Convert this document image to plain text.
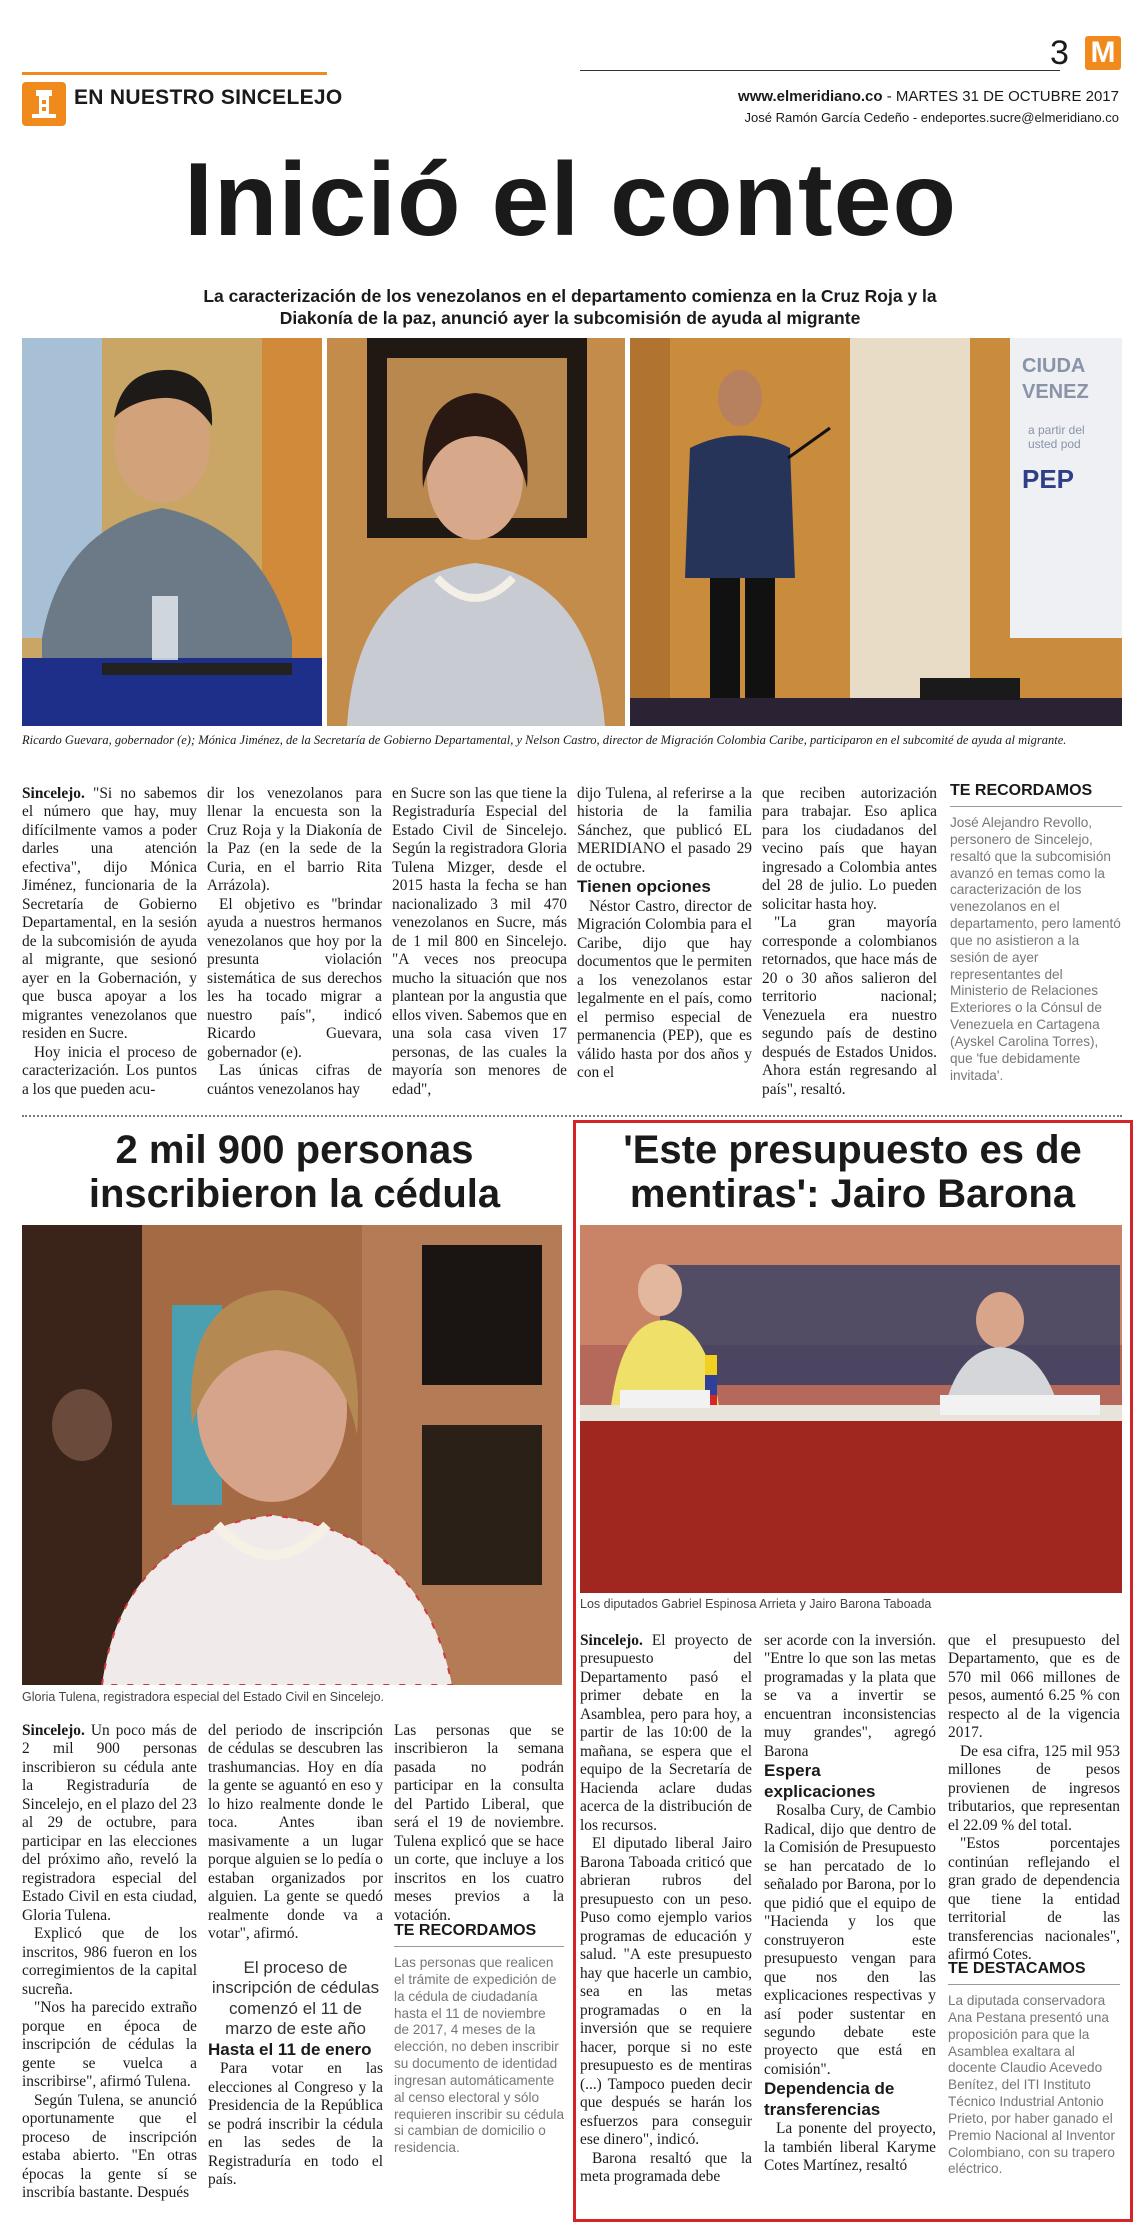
EN NUESTRO SINCELEJO
3 M
www.elmeridiano.co - MARTES 31 DE OCTUBRE 2017
José Ramón García Cedeño - endeportes.sucre@elmeridiano.co
Inició el conteo
La caracterización de los venezolanos en el departamento comienza en la Cruz Roja y la Diakonía de la paz, anunció ayer la subcomisión de ayuda al migrante
CIUDA
VENEZ
a partir del
usted pod
PEP
Ricardo Guevara, gobernador (e); Mónica Jiménez, de la Secretaría de Gobierno Departamental, y Nelson Castro, director de Migración Colombia Caribe, participaron en el subcomité de ayuda al migrante.

Sincelejo. "Si no sabemos el número que hay, muy difícilmente vamos a poder darles una atención efectiva", dijo Mónica Jiménez, funcionaria de la Secretaría de Gobierno Departamental, en la sesión de la subcomisión de ayuda al migrante, que sesionó ayer en la Gobernación, y que busca apoyar a los migrantes venezolanos que residen en Sucre.

Hoy inicia el proceso de caracterización. Los puntos a los que pueden acu-

dir los venezolanos para llenar la encuesta son la Cruz Roja y la Diakonía de la Paz (en la sede de la Curia, en el barrio Rita Arrázola).

El objetivo es "brindar ayuda a nuestros hermanos venezolanos que hoy por la presunta violación sistemática de sus derechos les ha tocado migrar a nuestro país", indicó Ricardo Guevara, gobernador (e).

Las únicas cifras de cuántos venezolanos hay

en Sucre son las que tiene la Registraduría Especial del Estado Civil de Sincelejo. Según la registradora Gloria Tulena Mizger, desde el 2015 hasta la fecha se han nacionalizado 3 mil 470 venezolanos en Sucre, más de 1 mil 800 en Sincelejo. "A veces nos preocupa mucho la situación que nos plantean por la angustia que ellos viven. Sabemos que en una sola casa viven 17 personas, de las cuales la mayoría son menores de edad",

dijo Tulena, al referirse a la historia de la familia Sánchez, que publicó EL MERIDIANO el pasado 29 de octubre.

Tienen opciones

Néstor Castro, director de Migración Colombia para el Caribe, dijo que hay documentos que le permiten a los venezolanos estar legalmente en el país, como el permiso especial de permanencia (PEP), que es válido hasta por dos años y con el

que reciben autorización para trabajar. Eso aplica para los ciudadanos del vecino país que hayan ingresado a Colombia antes del 28 de julio. Lo pueden solicitar hasta hoy.

"La gran mayoría corresponde a colombianos retornados, que hace más de 20 o 30 años salieron del territorio nacional; Venezuela era nuestro segundo país de destino después de Estados Unidos. Ahora están regresando al país", resaltó.

TE RECORDAMOS
José Alejandro Revollo, personero de Sincelejo, resaltó que la subcomisión avanzó en temas como la caracterización de los venezolanos en el departamento, pero lamentó que no asistieron a la sesión de ayer representantes del Ministerio de Relaciones Exteriores o la Cónsul de Venezuela en Cartagena (Ayskel Carolina Torres), que 'fue debidamente invitada'.
2 mil 900 personas inscribieron la cédula
Gloria Tulena, registradora especial del Estado Civil en Sincelejo.

Sincelejo. Un poco más de 2 mil 900 personas inscribieron su cédula ante la Registraduría de Sincelejo, en el plazo del 23 al 29 de octubre, para participar en las elecciones del próximo año, reveló la registradora especial del Estado Civil en esta ciudad, Gloria Tulena.

Explicó que de los inscritos, 986 fueron en los corregimientos de la capital sucreña.

"Nos ha parecido extraño porque en época de inscripción de cédulas la gente se vuelca a inscribirse", afirmó Tulena.

Según Tulena, se anunció oportunamente que el proceso de inscripción estaba abierto. "En otras épocas la gente sí se inscribía bastante. Después

del periodo de inscripción de cédulas se descubren las trashumancias. Hoy en día la gente se aguantó en eso y lo hizo realmente donde le toca. Antes iban masivamente a un lugar porque alguien se lo pedía o estaban organizados por alguien. La gente se quedó realmente donde va a votar", afirmó.

El proceso de inscripción de cédulas comenzó el 11 de marzo de este año

Hasta el 11 de enero

Para votar en las elecciones al Congreso y la Presidencia de la República se podrá inscribir la cédula en las sedes de la Registraduría en todo el país.

Las personas que se inscribieron la semana pasada no podrán participar en la consulta del Partido Liberal, que será el 19 de noviembre. Tulena explicó que se hace un corte, que incluye a los inscritos en los cuatro meses previos a la votación.

TE RECORDAMOS
Las personas que realicen el trámite de expedición de la cédula de ciudadanía hasta el 11 de noviembre de 2017, 4 meses de la elección, no deben inscribir su documento de identidad ingresan automáticamente al censo electoral y sólo requieren inscribir su cédula si cambian de domicilio o residencia.
'Este presupuesto es de mentiras': Jairo Barona
Los diputados Gabriel Espinosa Arrieta y Jairo Barona Taboada

Sincelejo. El proyecto de presupuesto del Departamento pasó el primer debate en la Asamblea, pero para hoy, a partir de las 10:00 de la mañana, se espera que el equipo de la Secretaría de Hacienda aclare dudas acerca de la distribución de los recursos.

El diputado liberal Jairo Barona Taboada criticó que abrieran rubros del presupuesto con un peso. Puso como ejemplo varios programas de educación y salud. "A este presupuesto hay que hacerle un cambio, sea en las metas programadas o en la inversión que se requiere hacer, porque si no este presupuesto es de mentiras (...) Tampoco pueden decir que después se harán los esfuerzos para conseguir ese dinero", indicó.

Barona resaltó que la meta programada debe

ser acorde con la inversión. "Entre lo que son las metas programadas y la plata que se va a invertir se encuentran inconsistencias muy grandes", agregó Barona

Espera explicaciones

Rosalba Cury, de Cambio Radical, dijo que dentro de la Comisión de Presupuesto se han percatado de lo señalado por Barona, por lo que pidió que el equipo de "Hacienda y los que construyeron este presupuesto vengan para que nos den las explicaciones respectivas y así poder sustentar en segundo debate este proyecto que está en comisión".

Dependencia de transferencias

La ponente del proyecto, la también liberal Karyme Cotes Martínez, resaltó

que el presupuesto del Departamento, que es de 570 mil 066 millones de pesos, aumentó 6.25 % con respecto al de la vigencia 2017.

De esa cifra, 125 mil 953 millones de pesos provienen de ingresos tributarios, que representan el 22.09 % del total.

"Estos porcentajes continúan reflejando el gran grado de dependencia que tiene la entidad territorial de las transferencias nacionales", afirmó Cotes.

TE DESTACAMOS
La diputada conservadora Ana Pestana presentó una proposición para que la Asamblea exaltara al docente Claudio Acevedo Benítez, del ITI Instituto Técnico Industrial Antonio Prieto, por haber ganado el Premio Nacional al Inventor Colombiano, con su trapero eléctrico.
